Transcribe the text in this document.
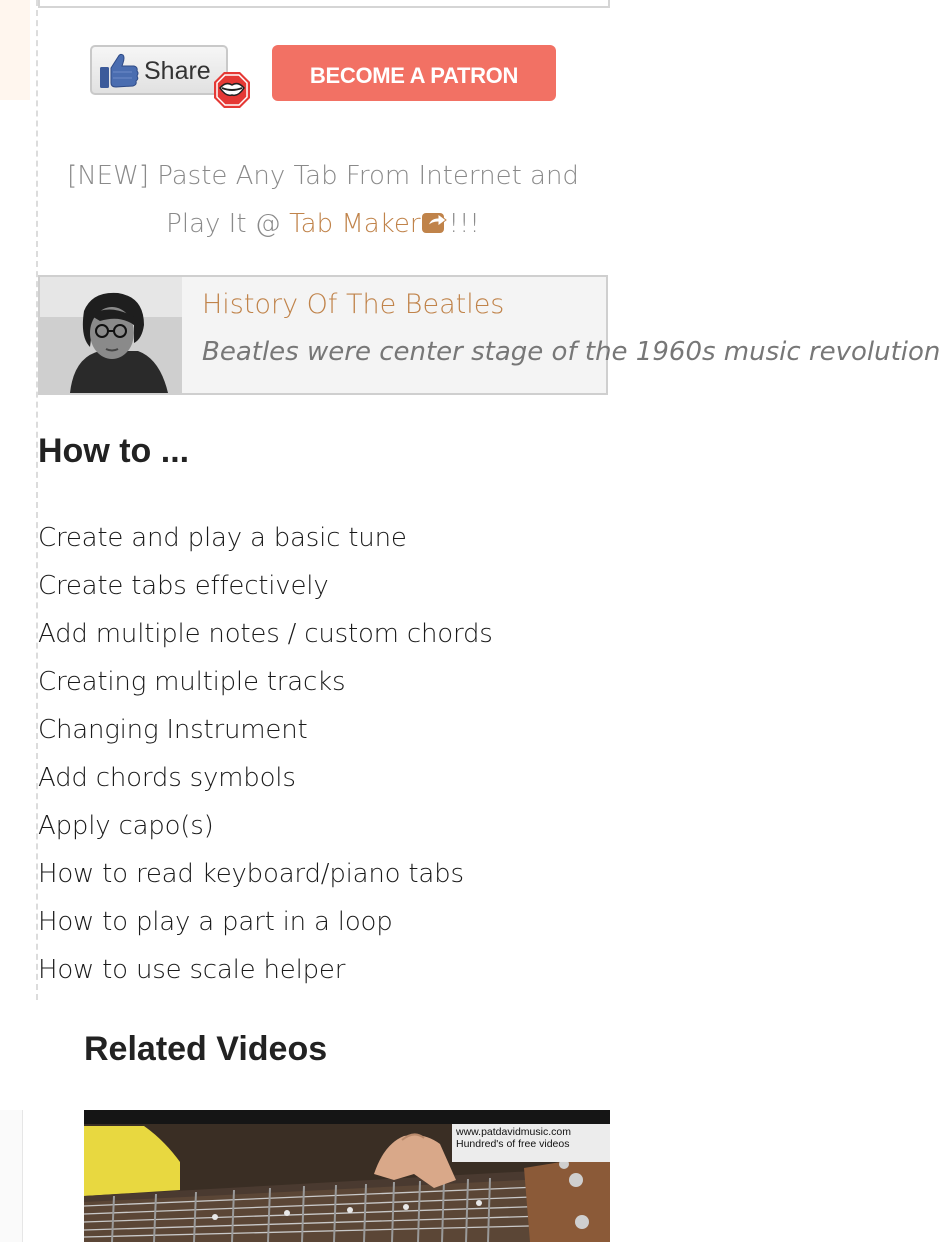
Share	BECOME A PATRON
[NEW] Paste Any Tab From Internet and
Play It @ Tab Maker !!!
History Of The Beatles
Beatles were center stage of the 1960s music revolution
How to ...
Create and play a basic tune
Create tabs effectively
Add multiple notes / custom chords
Creating multiple tracks
Changing Instrument
Add chords symbols
Apply capo(s)
How to read keyboard/piano tabs
How to play a part in a loop
How to use scale helper
Related Videos
www.patdavidmusic.com
Hundred's of free videos
